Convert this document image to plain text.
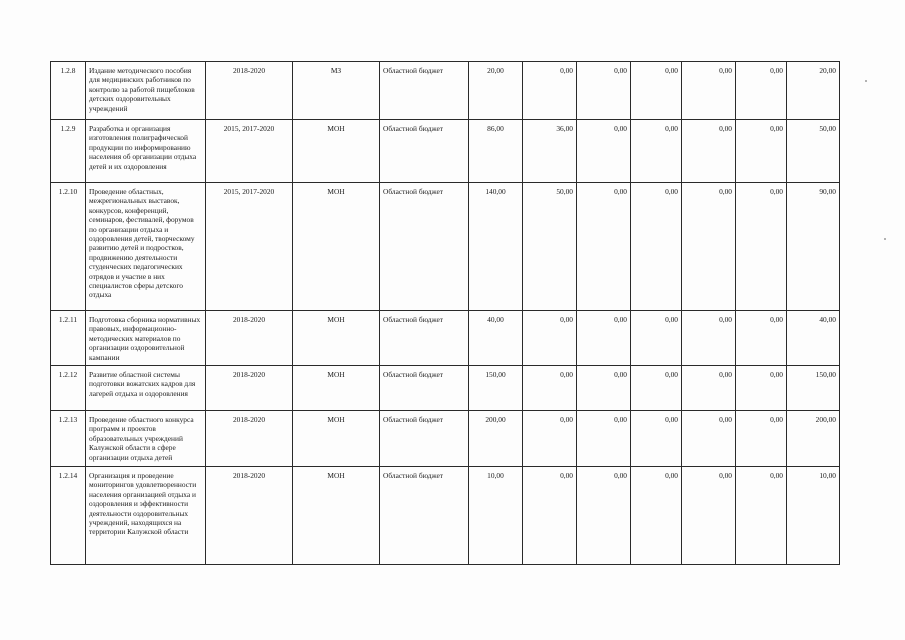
1.2.8	Издание методического пособия для медицинских работников по контролю за работой пищеблоков детских оздоровительных учреждений	2018-2020	МЗ	Областной бюджет	20,00	0,00	0,00	0,00	0,00	0,00	20,00
1.2.9	Разработка и организация изготовления полиграфической продукции по информированию населения об организации отдыха детей и их оздоровления	2015, 2017-2020	МОН	Областной бюджет	86,00	36,00	0,00	0,00	0,00	0,00	50,00
1.2.10	Проведение областных, межрегиональных выставок, конкурсов, конференций, семинаров, фестивалей, форумов по организации отдыха и оздоровления детей, творческому развитию детей и подростков, продвижению деятельности студенческих педагогических отрядов и участие в них специалистов сферы детского отдыха	2015, 2017-2020	МОН	Областной бюджет	140,00	50,00	0,00	0,00	0,00	0,00	90,00
1.2.11	Подготовка сборника нормативных правовых, информационно-методических материалов по организации оздоровительной кампании	2018-2020	МОН	Областной бюджет	40,00	0,00	0,00	0,00	0,00	0,00	40,00
1.2.12	Развитие областной системы подготовки вожатских кадров для лагерей отдыха и оздоровления	2018-2020	МОН	Областной бюджет	150,00	0,00	0,00	0,00	0,00	0,00	150,00
1.2.13	Проведение областного конкурса программ и проектов образовательных учреждений Калужской области в сфере организации отдыха детей	2018-2020	МОН	Областной бюджет	200,00	0,00	0,00	0,00	0,00	0,00	200,00
1.2.14	Организация и проведение мониторингов удовлетворенности населения организацией отдыха и оздоровления и эффективности деятельности оздоровительных учреждений, находящихся на территории Калужской области	2018-2020	МОН	Областной бюджет	10,00	0,00	0,00	0,00	0,00	0,00	10,00
